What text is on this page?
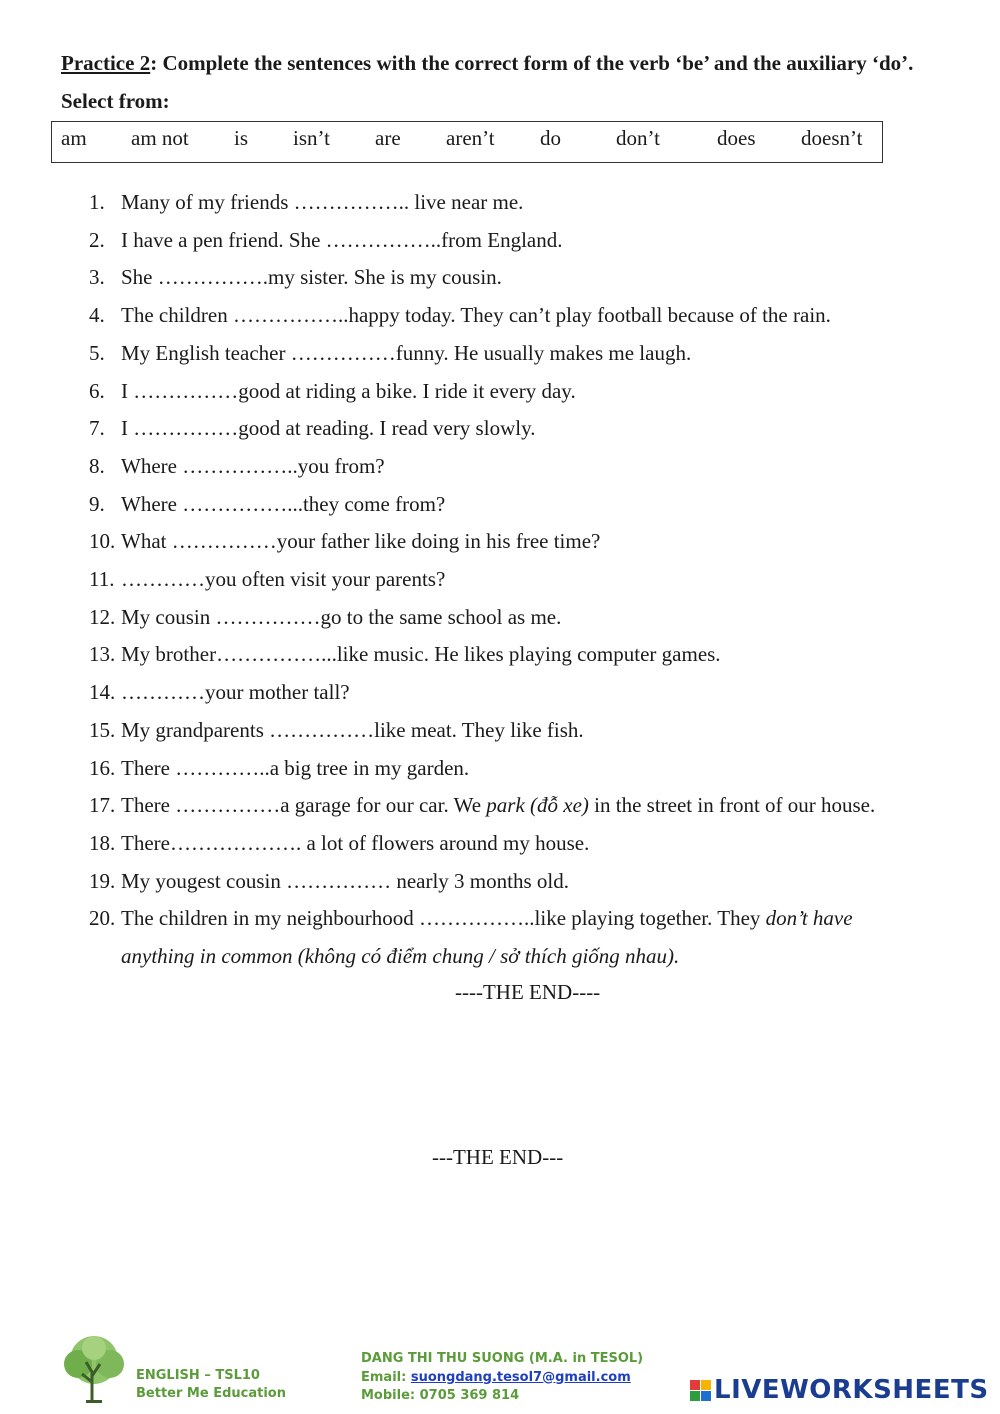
Practice 2: Complete the sentences with the correct form of the verb ‘be’ and the auxiliary ‘do’. Select from:
am am not is isn’t are aren’t do	don’t	does doesn’t
1. Many of my friends …………….. live near me.
2. I have a pen friend. She ……………..from England.
3. She …………….my sister. She is my cousin.
4. The children ……………..happy today. They can’t play football because of the rain.
5. My English teacher ……………funny. He usually makes me laugh.
6. I ……………good at riding a bike. I ride it every day.
7. I ……………good at reading. I read very slowly.
8. Where ……………..you from?
9. Where ……………...they come from?
10. What ……………your father like doing in his free time?
11. …………you often visit your parents?
12. My cousin ……………go to the same school as me.
13. My brother……………...like music. He likes playing computer games.
14. …………your mother tall?
15. My grandparents ……………like meat. They like fish.
16. There …………..a big tree in my garden.
17. There ……………a garage for our car. We park (đỗ xe) in the street in front of our house.
18. There………………. a lot of flowers around my house.
19. My yougest cousin …………… nearly 3 months old.
20. The children in my neighbourhood ……………..like playing together. They don’t have anything in common (không có điểm chung / sở thích giống nhau).
----THE END----
---THE END---
ENGLISH – TSL10
Better Me Education
DANG THI THU SUONG (M.A. in TESOL)
Email: suongdang.tesol7@gmail.com
Mobile: 0705 369 814	LIVEWORKSHEETS
